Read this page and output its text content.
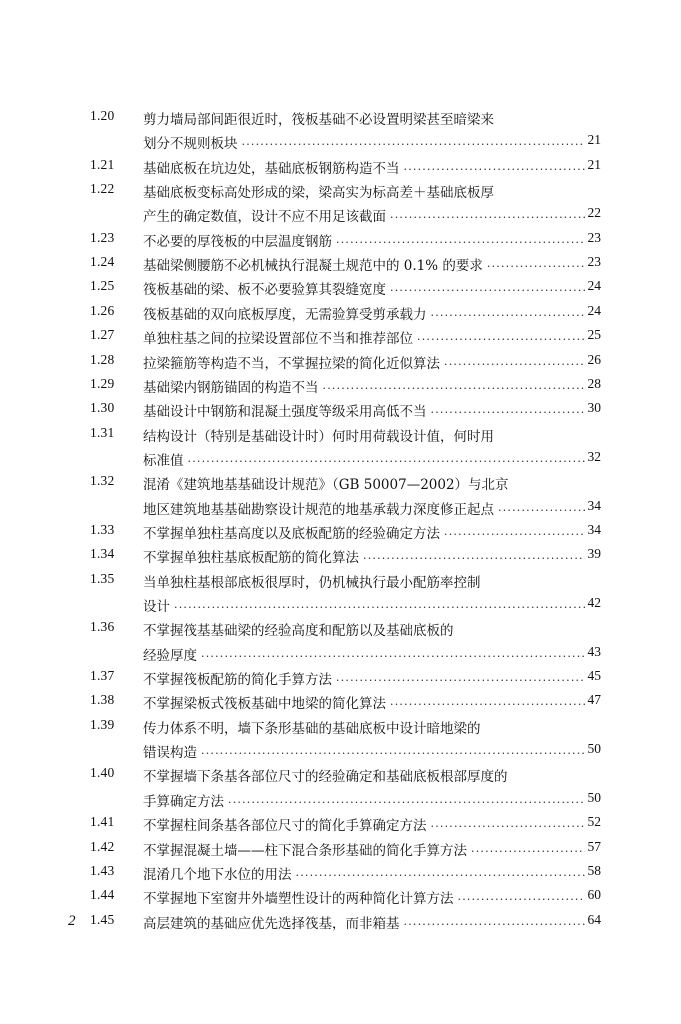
1.20	剪力墙局部间距很近时，筏板基础不必设置明梁甚至暗梁来
划分不规则板块 ·····	21
1.21	基础底板在坑边处，基础底板钢筋构造不当 ·····	21
1.22	基础底板变标高处形成的梁，梁高实为标高差＋基础底板厚
产生的确定数值，设计不应不用足该截面 ·····	22
1.23	不必要的厚筏板的中层温度钢筋 ·····	23
1.24	基础梁侧腰筋不必机械执行混凝土规范中的 0.1% 的要求 ·····	23
1.25	筏板基础的梁、板不必要验算其裂缝宽度 ·····	24
1.26	筏板基础的双向底板厚度，无需验算受剪承载力 ·····	24
1.27	单独柱基之间的拉梁设置部位不当和推荐部位 ·····	25
1.28	拉梁箍筋等构造不当，不掌握拉梁的简化近似算法 ·····	26
1.29	基础梁内钢筋锚固的构造不当 ·····	28
1.30	基础设计中钢筋和混凝土强度等级采用高低不当 ·····	30
1.31	结构设计（特别是基础设计时）何时用荷载设计值，何时用
标准值 ·····	32
1.32	混淆《建筑地基基础设计规范》（GB 50007—2002）与北京
地区建筑地基基础勘察设计规范的地基承载力深度修正起点 ·····	34
1.33	不掌握单独柱基高度以及底板配筋的经验确定方法 ·····	34
1.34	不掌握单独柱基底板配筋的简化算法 ·····	39
1.35	当单独柱基根部底板很厚时，仍机械执行最小配筋率控制
设计 ·····	42
1.36	不掌握筏基基础梁的经验高度和配筋以及基础底板的
经验厚度 ·····	43
1.37	不掌握筏板配筋的简化手算方法 ·····	45
1.38	不掌握梁板式筏板基础中地梁的简化算法 ·····	47
1.39	传力体系不明，墙下条形基础的基础底板中设计暗地梁的
错误构造 ·····	50
1.40	不掌握墙下条基各部位尺寸的经验确定和基础底板根部厚度的
手算确定方法 ·····	50
1.41	不掌握柱间条基各部位尺寸的简化手算确定方法 ·····	52
1.42	不掌握混凝土墙——柱下混合条形基础的简化手算方法 ·····	57
1.43	混淆几个地下水位的用法 ·····	58
1.44	不掌握地下室窗井外墙塑性设计的两种简化计算方法 ·····	60
1.45	高层建筑的基础应优先选择筏基，而非箱基 ·····	64
2
